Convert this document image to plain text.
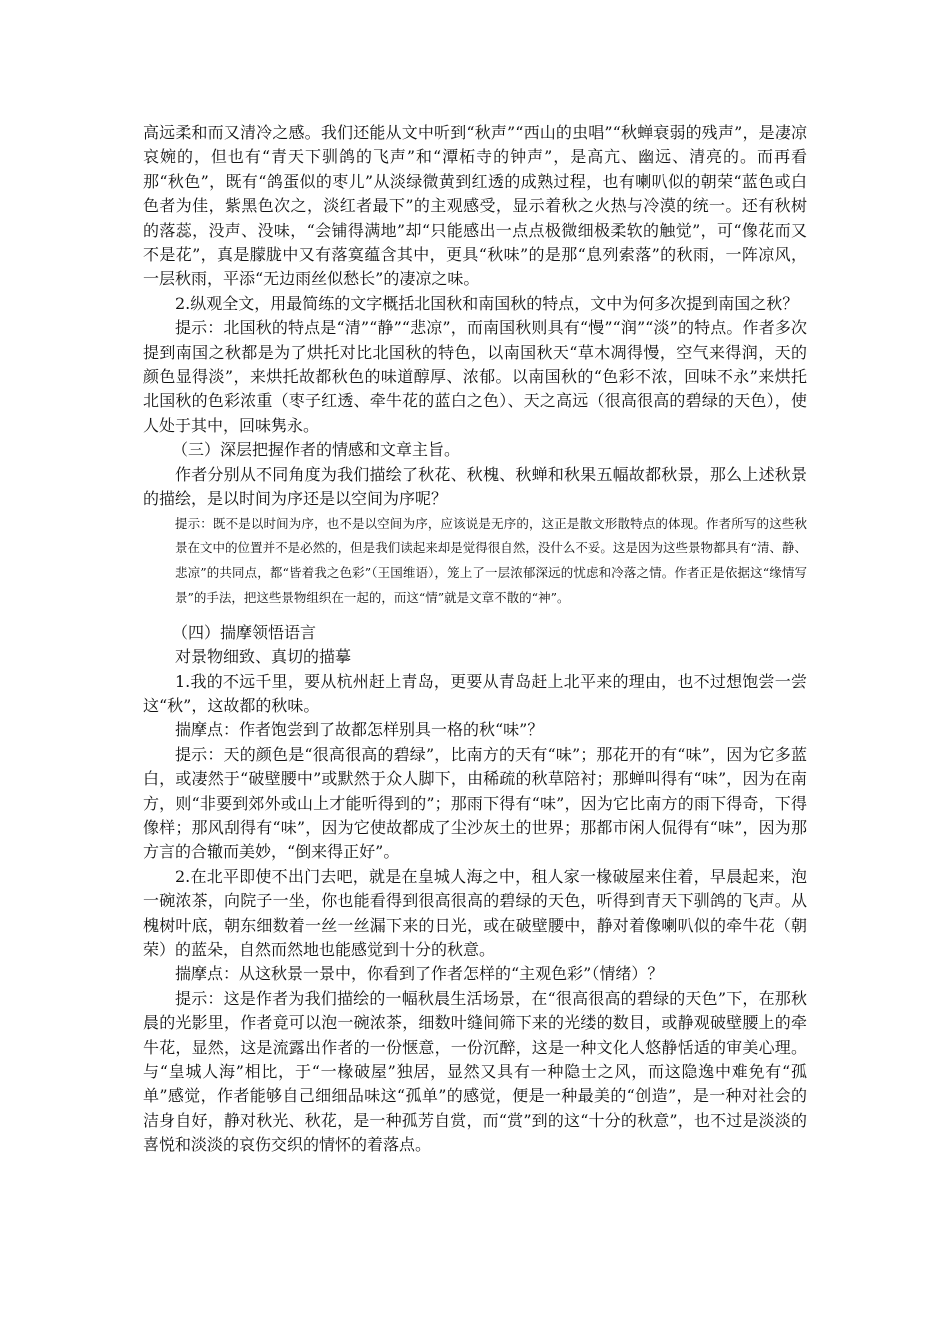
高远柔和而又清冷之感。我们还能从文中听到“秋声”“西山的虫唱”“秋蝉衰弱的残声”，是凄凉哀婉的，但也有“青天下驯鸽的飞声”和“潭柘寺的钟声”，是高亢、幽远、清亮的。而再看那“秋色”，既有“鸽蛋似的枣儿”从淡绿微黄到红透的成熟过程，也有喇叭似的朝荣“蓝色或白色者为佳，紫黑色次之，淡红者最下”的主观感受，显示着秋之火热与冷漠的统一。还有秋树的落蕊，没声、没味，“会铺得满地”却“只能感出一点点极微细极柔软的触觉”，可“像花而又不是花”，真是朦胧中又有落寞蕴含其中，更具“秋味”的是那“息列索落”的秋雨，一阵凉风，一层秋雨，平添“无边雨丝似愁长”的凄凉之味。

2.纵观全文，用最简练的文字概括北国秋和南国秋的特点，文中为何多次提到南国之秋？

提示：北国秋的特点是“清”“静”“悲凉”，而南国秋则具有“慢”“润”“淡”的特点。作者多次提到南国之秋都是为了烘托对比北国秋的特色，以南国秋天“草木凋得慢，空气来得润，天的颜色显得淡”，来烘托故都秋色的味道醇厚、浓郁。以南国秋的“色彩不浓，回味不永”来烘托北国秋的色彩浓重（枣子红透、牵牛花的蓝白之色）、天之高远（很高很高的碧绿的天色），使人处于其中，回味隽永。

（三）深层把握作者的情感和文章主旨。

作者分别从不同角度为我们描绘了秋花、秋槐、秋蝉和秋果五幅故都秋景，那么上述秋景的描绘，是以时间为序还是以空间为序呢？

提示：既不是以时间为序，也不是以空间为序，应该说是无序的，这正是散文形散特点的体现。作者所写的这些秋景在文中的位置并不是必然的，但是我们读起来却是觉得很自然，没什么不妥。这是因为这些景物都具有“清、静、悲凉”的共同点，都“皆着我之色彩”（王国维语），笼上了一层浓郁深远的忧虑和冷落之情。作者正是依据这“缘情写景”的手法，把这些景物组织在一起的，而这“情”就是文章不散的“神”。

（四）揣摩领悟语言

对景物细致、真切的描摹

1.我的不远千里，要从杭州赶上青岛，更要从青岛赶上北平来的理由，也不过想饱尝一尝这“秋”，这故都的秋味。

揣摩点：作者饱尝到了故都怎样别具一格的秋“味”？

提示：天的颜色是“很高很高的碧绿”，比南方的天有“味”；那花开的有“味”，因为它多蓝白，或凄然于“破壁腰中”或默然于众人脚下，由稀疏的秋草陪衬；那蝉叫得有“味”，因为在南方，则“非要到郊外或山上才能听得到的”；那雨下得有“味”，因为它比南方的雨下得奇，下得像样；那风刮得有“味”，因为它使故都成了尘沙灰土的世界；那都市闲人侃得有“味”，因为那方言的合辙而美妙，“倒来得正好”。

2.在北平即使不出门去吧，就是在皇城人海之中，租人家一椽破屋来住着，早晨起来，泡一碗浓茶，向院子一坐，你也能看得到很高很高的碧绿的天色，听得到青天下驯鸽的飞声。从槐树叶底，朝东细数着一丝一丝漏下来的日光，或在破壁腰中，静对着像喇叭似的牵牛花（朝荣）的蓝朵，自然而然地也能感觉到十分的秋意。

揣摩点：从这秋景一景中，你看到了作者怎样的“主观色彩”（情绪）？

提示：这是作者为我们描绘的一幅秋晨生活场景，在“很高很高的碧绿的天色”下，在那秋晨的光影里，作者竟可以泡一碗浓茶，细数叶缝间筛下来的光缕的数目，或静观破壁腰上的牵牛花，显然，这是流露出作者的一份惬意，一份沉醉，这是一种文化人悠静恬适的审美心理。与“皇城人海”相比，于“一椽破屋”独居，显然又具有一种隐士之风，而这隐逸中难免有“孤单”感觉，作者能够自己细细品味这“孤单”的感觉，便是一种最美的“创造”，是一种对社会的洁身自好，静对秋光、秋花，是一种孤芳自赏，而“赏”到的这“十分的秋意”，也不过是淡淡的喜悦和淡淡的哀伤交织的情怀的着落点。
